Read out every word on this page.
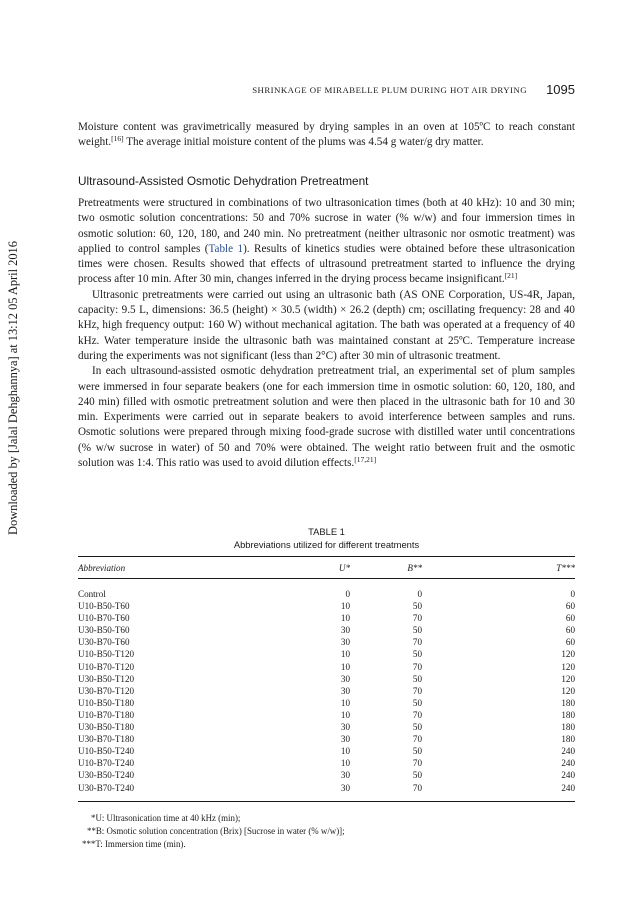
Downloaded by [Jalal Dehghannya] at 13:12 05 April 2016
SHRINKAGE OF MIRABELLE PLUM DURING HOT AIR DRYING 1095

Moisture content was gravimetrically measured by drying samples in an oven at 105ºC to reach constant weight.[16] The average initial moisture content of the plums was 4.54 g water/g dry matter.

Ultrasound-Assisted Osmotic Dehydration Pretreatment

Pretreatments were structured in combinations of two ultrasonication times (both at 40 kHz): 10 and 30 min; two osmotic solution concentrations: 50 and 70% sucrose in water (% w/w) and four immersion times in osmotic solution: 60, 120, 180, and 240 min. No pretreatment (neither ultrasonic nor osmotic treatment) was applied to control samples (Table 1). Results of kinetics studies were obtained before these ultrasonication times were chosen. Results showed that effects of ultrasound pretreatment started to influence the drying process after 10 min. After 30 min, changes inferred in the drying process became insignificant.[21]

Ultrasonic pretreatments were carried out using an ultrasonic bath (AS ONE Corporation, US-4R, Japan, capacity: 9.5 L, dimensions: 36.5 (height) × 30.5 (width) × 26.2 (depth) cm; oscillating frequency: 28 and 40 kHz, high frequency output: 160 W) without mechanical agitation. The bath was operated at a frequency of 40 kHz. Water temperature inside the ultrasonic bath was maintained constant at 25ºC. Temperature increase during the experiments was not significant (less than 2°C) after 30 min of ultrasonic treatment.

In each ultrasound-assisted osmotic dehydration pretreatment trial, an experimental set of plum samples were immersed in four separate beakers (one for each immersion time in osmotic solution: 60, 120, 180, and 240 min) filled with osmotic pretreatment solution and were then placed in the ultrasonic bath for 10 and 30 min. Experiments were carried out in separate beakers to avoid interference between samples and runs. Osmotic solutions were prepared through mixing food-grade sucrose with distilled water until concentrations (% w/w sucrose in water) of 50 and 70% were obtained. The weight ratio between fruit and the osmotic solution was 1:4. This ratio was used to avoid dilution effects.[17,21]

TABLE 1
Abbreviations utilized for different treatments
Abbreviation	U*	B**	T***
Control	0	0	0
U10-B50-T60	10	50	60
U10-B70-T60	10	70	60
U30-B50-T60	30	50	60
U30-B70-T60	30	70	60
U10-B50-T120	10	50	120
U10-B70-T120	10	70	120
U30-B50-T120	30	50	120
U30-B70-T120	30	70	120
U10-B50-T180	10	50	180
U10-B70-T180	10	70	180
U30-B50-T180	30	50	180
U30-B70-T180	30	70	180
U10-B50-T240	10	50	240
U10-B70-T240	10	70	240
U30-B50-T240	30	50	240
U30-B70-T240	30	70	240
*U: Ultrasonication time at 40 kHz (min);
**B: Osmotic solution concentration (Brix) [Sucrose in water (% w/w)];
***T: Immersion time (min).
